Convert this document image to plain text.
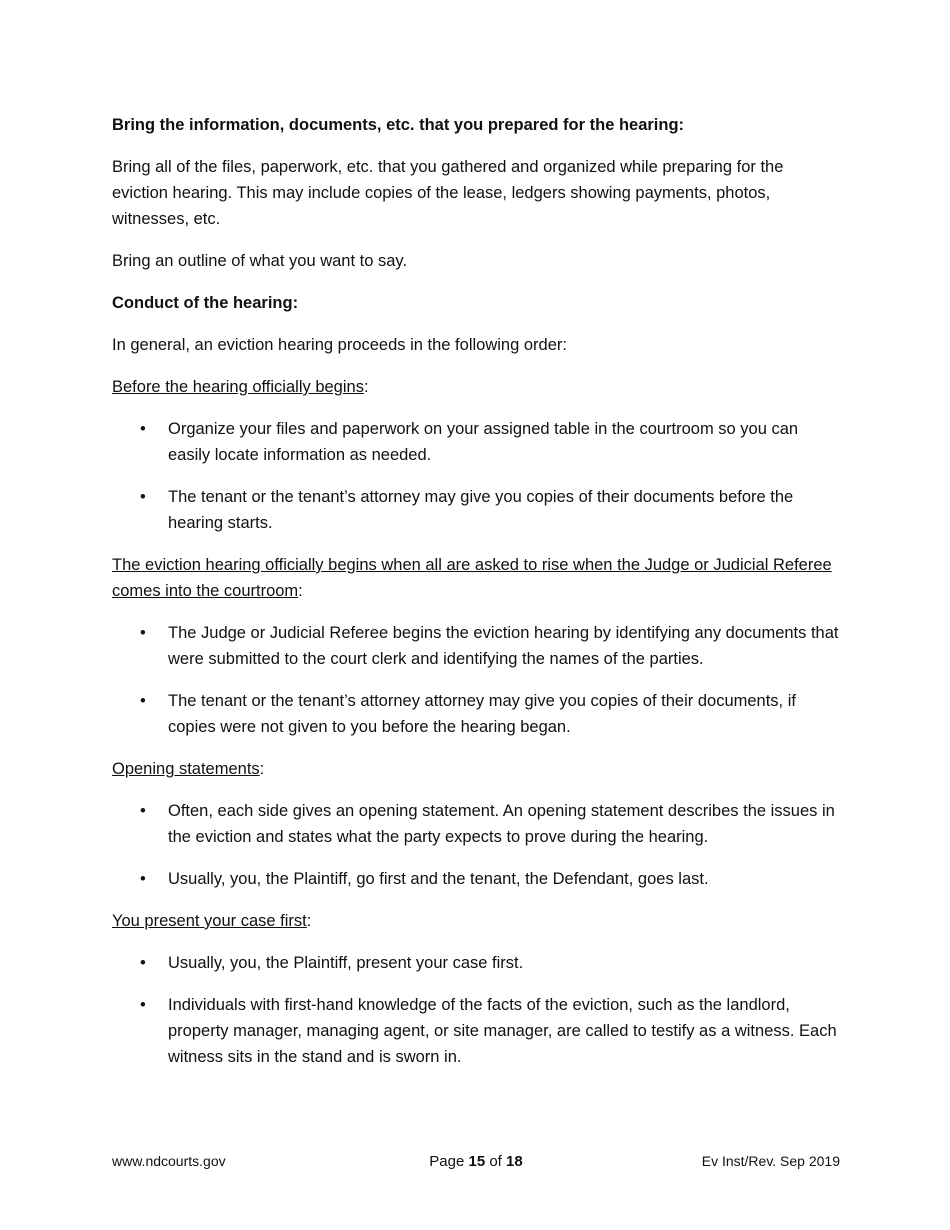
Bring the information, documents, etc. that you prepared for the hearing:

Bring all of the files, paperwork, etc. that you gathered and organized while preparing for the eviction hearing. This may include copies of the lease, ledgers showing payments, photos, witnesses, etc.

Bring an outline of what you want to say.

Conduct of the hearing:

In general, an eviction hearing proceeds in the following order:

Before the hearing officially begins:
• Organize your files and paperwork on your assigned table in the courtroom so you can easily locate information as needed.
• The tenant or the tenant’s attorney may give you copies of their documents before the hearing starts.
The eviction hearing officially begins when all are asked to rise when the Judge or Judicial Referee comes into the courtroom:
• The Judge or Judicial Referee begins the eviction hearing by identifying any documents that were submitted to the court clerk and identifying the names of the parties.
• The tenant or the tenant’s attorney attorney may give you copies of their documents, if copies were not given to you before the hearing began.
Opening statements:
• Often, each side gives an opening statement. An opening statement describes the issues in the eviction and states what the party expects to prove during the hearing.
• Usually, you, the Plaintiff, go first and the tenant, the Defendant, goes last.
You present your case first:
• Usually, you, the Plaintiff, present your case first.
• Individuals with first-hand knowledge of the facts of the eviction, such as the landlord, property manager, managing agent, or site manager, are called to testify as a witness. Each witness sits in the stand and is sworn in.
www.ndcourts.gov	Page 15 of 18	Ev Inst/Rev. Sep 2019
